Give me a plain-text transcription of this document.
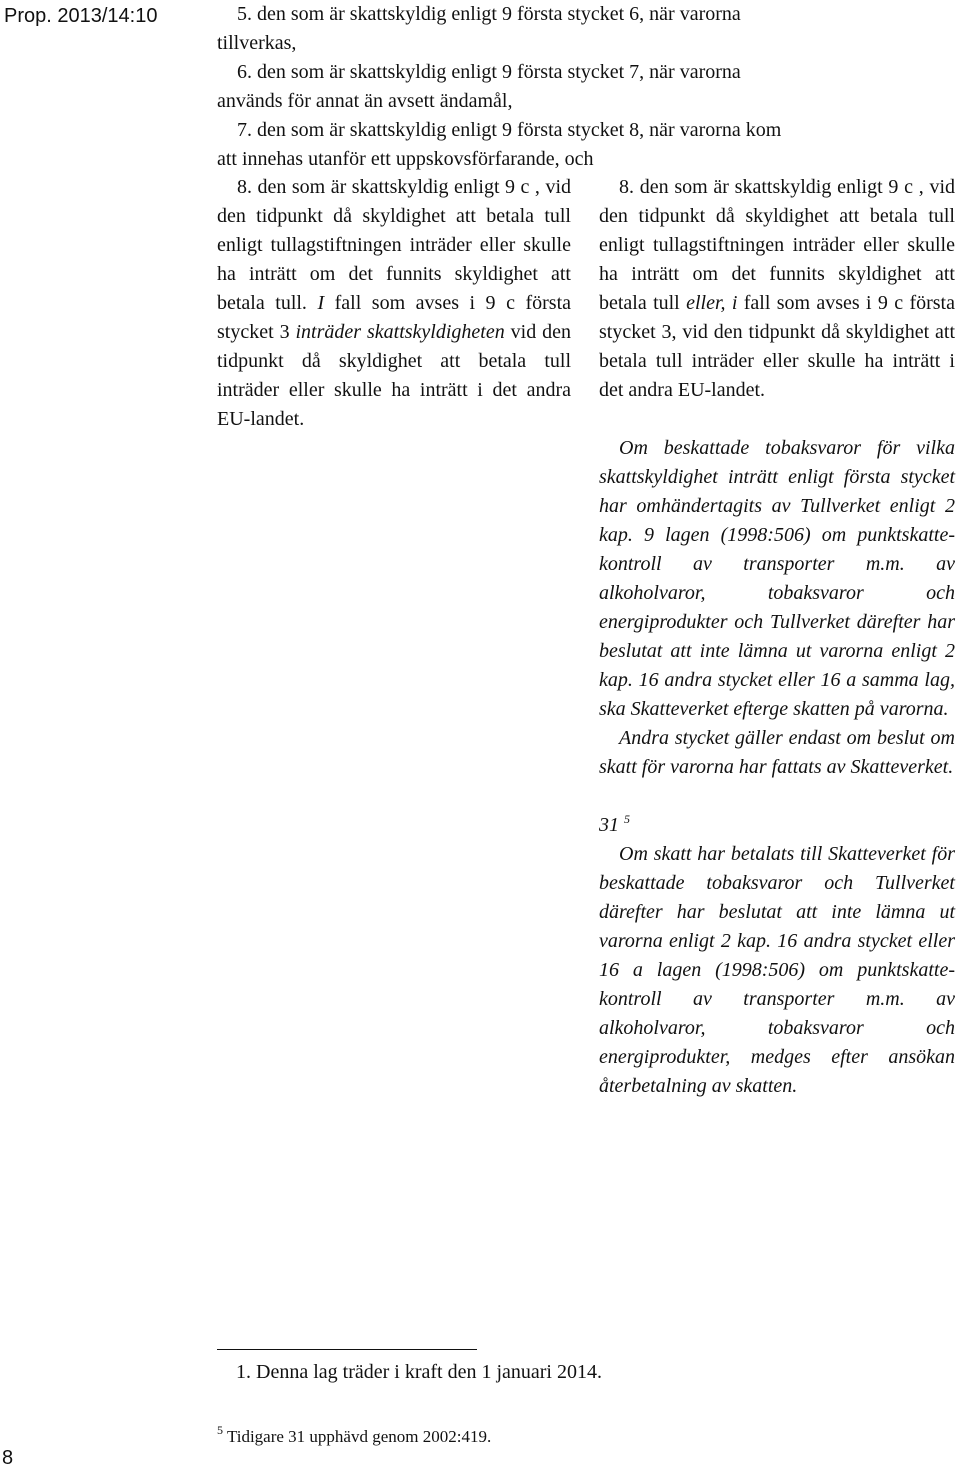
Prop. 2013/14:10	5. den som är skattskyldig enligt 9 första stycket 6, när varorna
tillverkas,
6. den som är skattskyldig enligt 9 första stycket 7, när varorna
används för annat än avsett ändamål,
7. den som är skattskyldig enligt 9 första stycket 8, när varorna kom
att innehas utanför ett uppskovsförfarande, och

8. den som är skattskyldig enligt 9 c , vid den tidpunkt då skyldighet att betala tull enligt tullagstiftningen inträder eller skulle ha inträtt om det funnits skyldighet att betala tull. I fall som avses i 9 c första stycket 3 inträder skattskyldigheten vid den tidpunkt då skyldighet att betala tull inträder eller skulle ha inträtt i det andra EU-landet.

8. den som är skattskyldig enligt 9 c , vid den tidpunkt då skyldighet att betala tull enligt tullagstiftningen inträder eller skulle ha inträtt om det funnits skyldighet att betala tull eller, i fall som avses i 9 c första stycket 3, vid den tidpunkt då skyldighet att betala tull inträder eller skulle ha inträtt i det andra EU-landet.

Om beskattade tobaksvaror för vilka skattskyldighet inträtt enligt första stycket har omhändertagits av Tullverket enligt 2 kap. 9 lagen (1998:506) om punktskatte-kontroll av transporter m.m. av alkoholvaror, tobaksvaror och energiprodukter och Tullverket därefter har beslutat att inte lämna ut varorna enligt 2 kap. 16 andra stycket eller 16 a samma lag, ska Skatteverket efterge skatten på varorna.

Andra stycket gäller endast om beslut om skatt för varorna har fattats av Skatteverket.

31 $^5$

Om skatt har betalats till Skatteverket för beskattade tobaksvaror och Tullverket därefter har beslutat att inte lämna ut varorna enligt 2 kap. 16 andra stycket eller 16 a lagen (1998:506) om punktskatte-kontroll av transporter m.m. av alkoholvaror, tobaksvaror och energiprodukter, medges efter ansökan återbetalning av skatten.

1. Denna lag träder i kraft den 1 januari 2014.
$^5$ Tidigare 31 upphävd genom 2002:419.
8
